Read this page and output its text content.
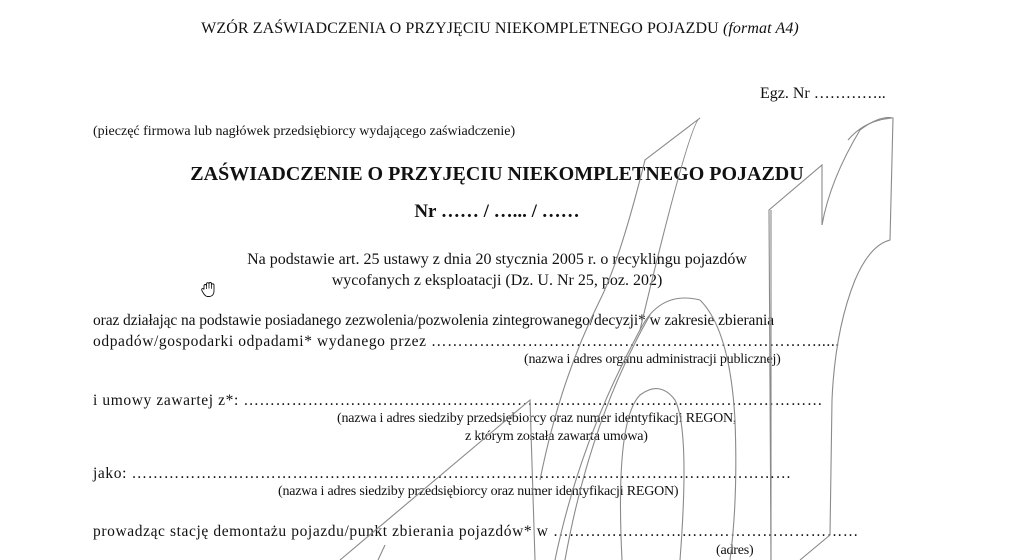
WZÓR ZAŚWIADCZENIA O PRZYJĘCIU NIEKOMPLETNEGO POJAZDU (format A4)
Egz. Nr …………..
(pieczęć firmowa lub nagłówek przedsiębiorcy wydającego zaświadczenie)
ZAŚWIADCZENIE O PRZYJĘCIU NIEKOMPLETNEGO POJAZDU
Nr …… / …... / ……
Na podstawie art. 25 ustawy z dnia 20 stycznia 2005 r. o recyklingu pojazdów
wycofanych z eksploatacji (Dz. U. Nr 25, poz. 202)
oraz działając na podstawie posiadanego zezwolenia/pozwolenia zintegrowanego/decyzji* w zakresie zbierania
odpadów/gospodarki odpadami* wydanego przez ……………………………………………………………….....
(nazwa i adres organu administracji publicznej)
i umowy zawartej z*: ………………………………………………………………………………………………
(nazwa i adres siedziby przedsiębiorcy oraz numer identyfikacji REGON,
z którym została zawarta umowa)
jako: ……………………………………………………………………………………………………………
(nazwa i adres siedziby przedsiębiorcy oraz numer identyfikacji REGON)
prowadząc stację demontażu pojazdu/punkt zbierania pojazdów* w …………………………………………………
(adres)
